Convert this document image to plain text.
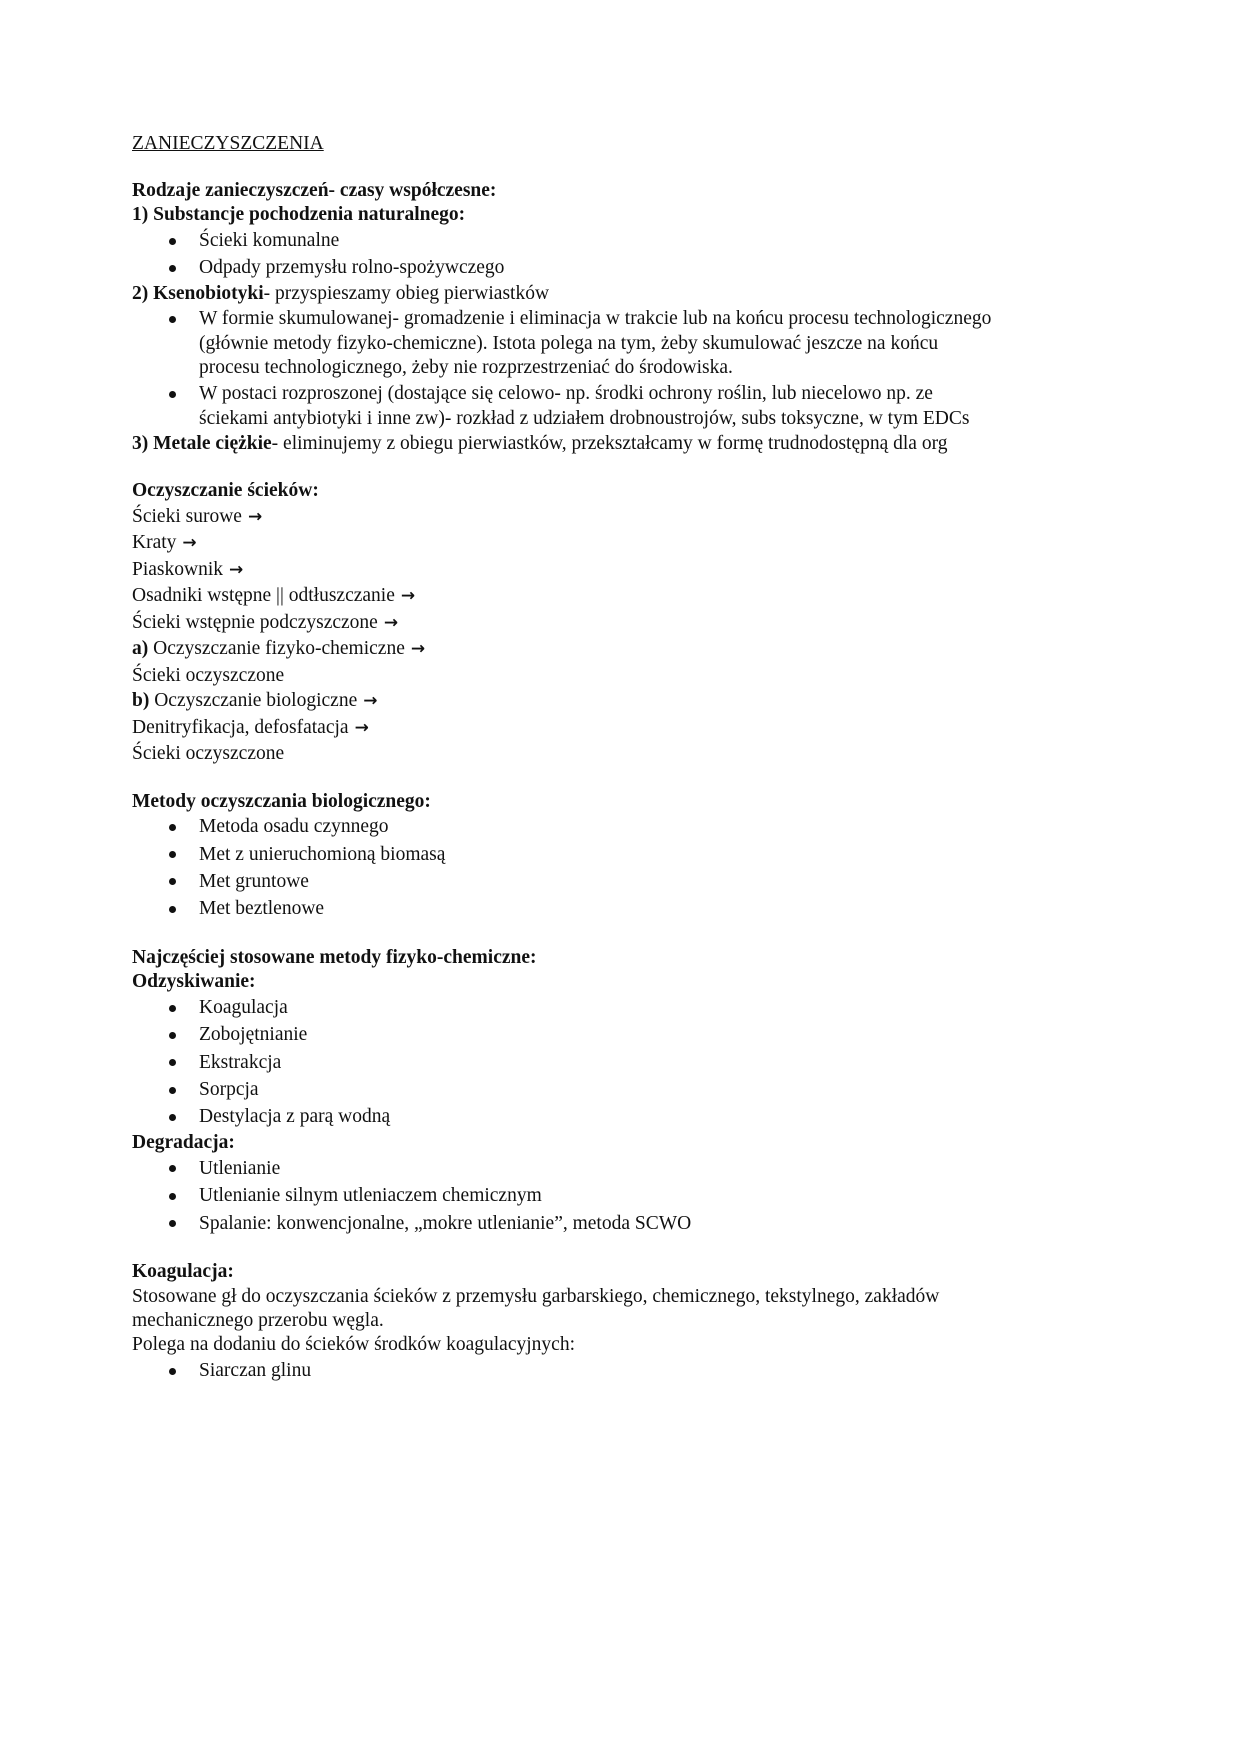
ZANIECZYSZCZENIA
Rodzaje zanieczyszczeń- czasy współczesne:
1) Substancje pochodzenia naturalnego:
Ścieki komunalne
Odpady przemysłu rolno-spożywczego
2) Ksenobiotyki- przyspieszamy obieg pierwiastków
W formie skumulowanej- gromadzenie i eliminacja w trakcie lub na końcu procesu technologicznego (głównie metody fizyko-chemiczne). Istota polega na tym, żeby skumulować jeszcze na końcu procesu technologicznego, żeby nie rozprzestrzeniać do środowiska.
W postaci rozproszonej (dostające się celowo- np. środki ochrony roślin, lub niecelowo np. ze ściekami antybiotyki i inne zw)- rozkład z udziałem drobnoustrojów, subs toksyczne, w tym EDCs
3) Metale ciężkie- eliminujemy z obiegu pierwiastków, przekształcamy w formę trudnodostępną dla org
Oczyszczanie ścieków:
Ścieki surowe →
Kraty →
Piaskownik →
Osadniki wstępne || odtłuszczanie →
Ścieki wstępnie podczyszczone →
a) Oczyszczanie fizyko-chemiczne →
Ścieki oczyszczone
b) Oczyszczanie biologiczne →
Denitryfikacja, defosfatacja →
Ścieki oczyszczone
Metody oczyszczania biologicznego:
Metoda osadu czynnego
Met z unieruchomioną biomasą
Met gruntowe
Met beztlenowe
Najczęściej stosowane metody fizyko-chemiczne:
Odzyskiwanie:
Koagulacja
Zobojętnianie
Ekstrakcja
Sorpcja
Destylacja z parą wodną
Degradacja:
Utlenianie
Utlenianie silnym utleniaczem chemicznym
Spalanie: konwencjonalne, „mokre utlenianie”, metoda SCWO
Koagulacja:
Stosowane gł do oczyszczania ścieków z przemysłu garbarskiego, chemicznego, tekstylnego, zakładów mechanicznego przerobu węgla.
Polega na dodaniu do ścieków środków koagulacyjnych:
Siarczan glinu
